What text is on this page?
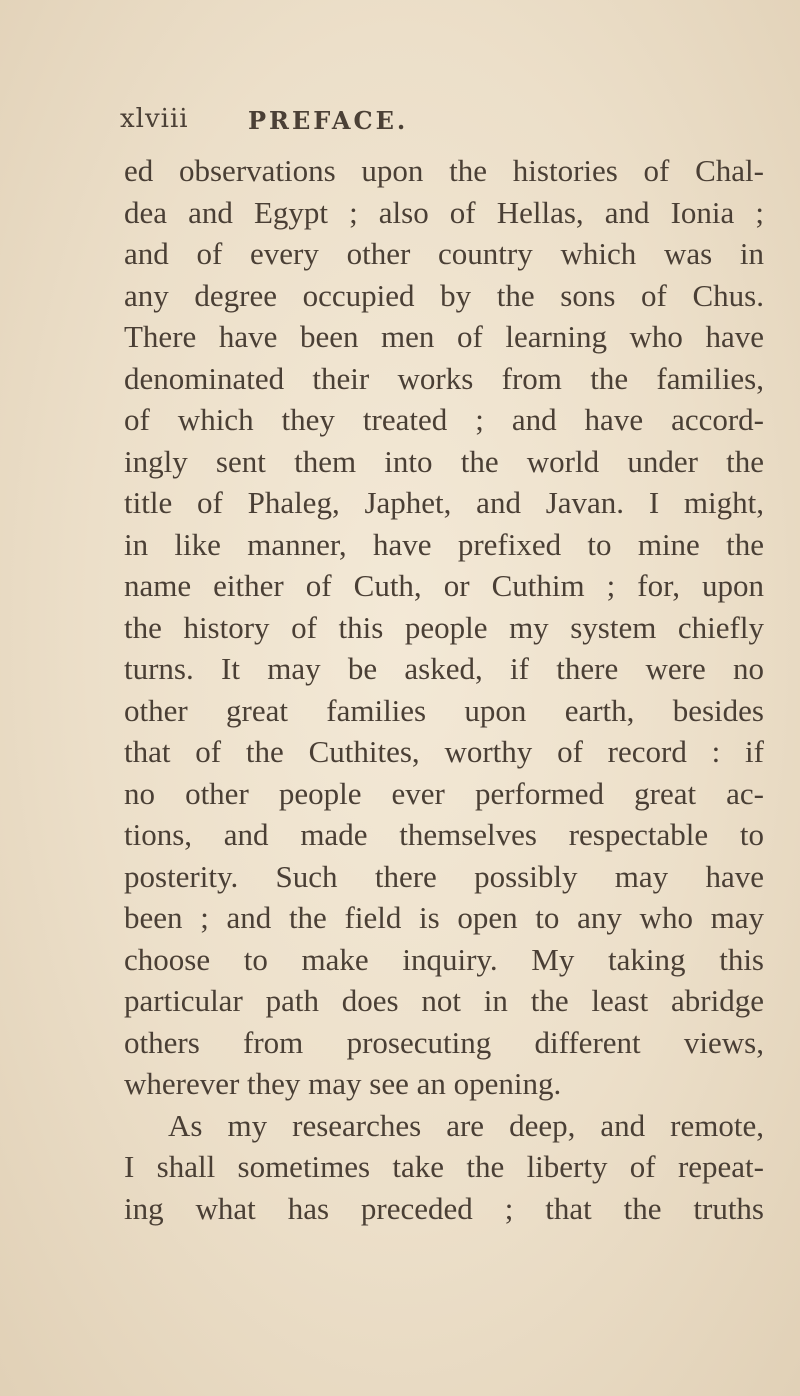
xlviii PREFACE.
ed observations upon the histories of Chal-
dea and Egypt ; also of Hellas, and Ionia ;
and of every other country which was in
any degree occupied by the sons of Chus.
There have been men of learning who have
denominated their works from the families,
of which they treated ; and have accord-
ingly sent them into the world under the
title of Phaleg, Japhet, and Javan. I might,
in like manner, have prefixed to mine the
name either of Cuth, or Cuthim ; for, upon
the history of this people my system chiefly
turns. It may be asked, if there were no
other great families upon earth, besides
that of the Cuthites, worthy of record : if
no other people ever performed great ac-
tions, and made themselves respectable to
posterity. Such there possibly may have
been ; and the field is open to any who may
choose to make inquiry. My taking this
particular path does not in the least abridge
others from prosecuting different views,
wherever they may see an opening.
As my researches are deep, and remote,
I shall sometimes take the liberty of repeat-
ing what has preceded ; that the truths
